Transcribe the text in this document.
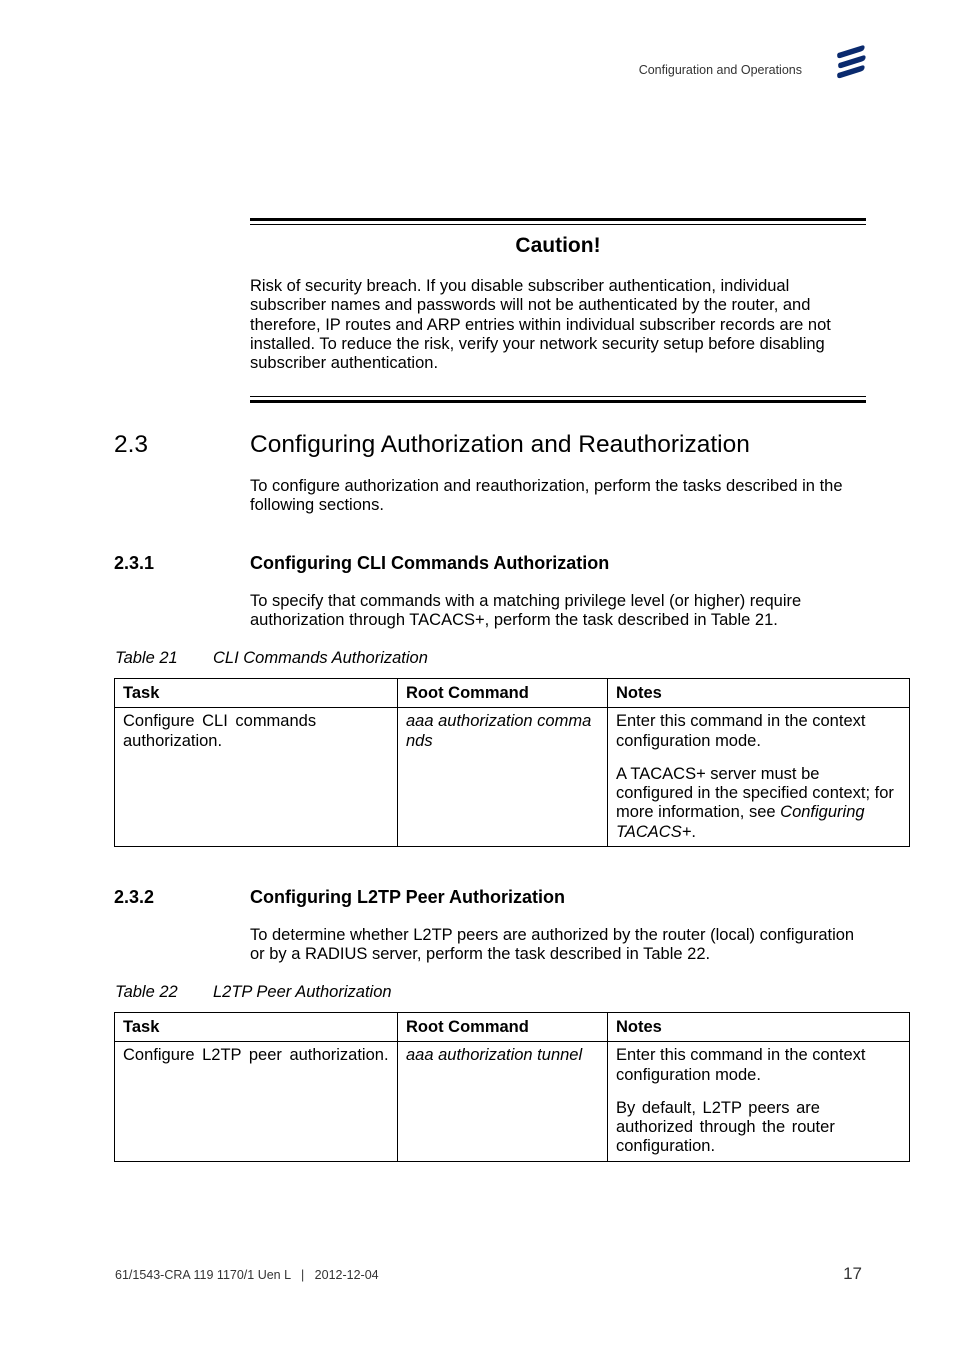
Configuration and Operations
Caution!
Risk of security breach. If you disable subscriber authentication, individual subscriber names and passwords will not be authenticated by the router, and therefore, IP routes and ARP entries within individual subscriber records are not installed. To reduce the risk, verify your network security setup before disabling subscriber authentication.
2.3	Configuring Authorization and Reauthorization
To configure authorization and reauthorization, perform the tasks described in the following sections.
2.3.1	Configuring CLI Commands Authorization
To specify that commands with a matching privilege level (or higher) require authorization through TACACS+, perform the task described in Table 21.
Table 21 CLI Commands Authorization
Task	Root Command	Notes
Configure CLI commands authorization.	aaa authorization commands	Enter this command in the context configuration mode.

A TACACS+ server must be configured in the specified context; for more information, see Configuring TACACS+.

2.3.2	Configuring L2TP Peer Authorization
To determine whether L2TP peers are authorized by the router (local) configuration or by a RADIUS server, perform the task described in Table 22.
Table 22 L2TP Peer Authorization
Task	Root Command	Notes
Configure L2TP peer authorization.	aaa authorization tunnel	Enter this command in the context configuration mode.

By default, L2TP peers are authorized through the router configuration.

61/1543-CRA 119 1170/1 Uen L   |   2012-12-04	17
